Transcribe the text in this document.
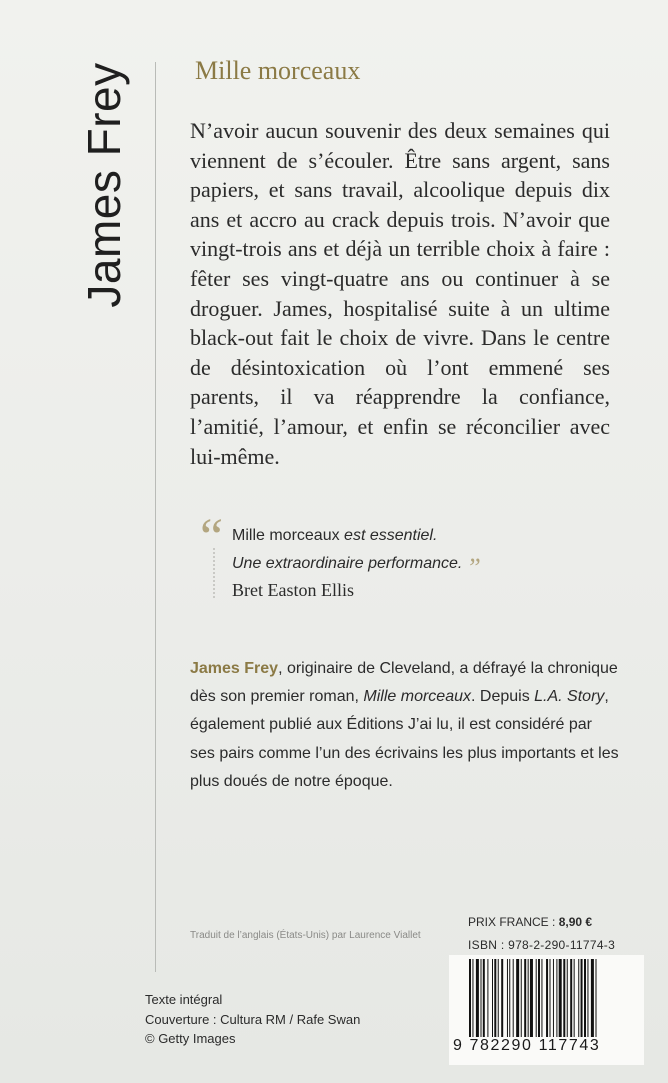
James Frey	Mille morceaux
N’avoir aucun souvenir des deux semaines qui viennent de s’écouler. Être sans argent, sans papiers, et sans travail, alcoolique depuis dix ans et accro au crack depuis trois. N’avoir que vingt-trois ans et déjà un terrible choix à faire : fêter ses vingt-quatre ans ou continuer à se droguer. James, hospitalisé suite à un ultime black-out fait le choix de vivre. Dans le centre de désintoxication où l’ont emmené ses parents, il va réapprendre la confiance, l’amitié, l’amour, et enfin se réconcilier avec lui-même.
“ Mille morceaux est essentiel.
Une extraordinaire performance. ”
Bret Easton Ellis
James Frey, originaire de Cleveland, a défrayé la chronique dès son premier roman, Mille morceaux. Depuis L.A. Story, également publié aux Éditions J’ai lu, il est considéré par ses pairs comme l’un des écrivains les plus importants et les plus doués de notre époque.
Traduit de l’anglais (États-Unis) par Laurence Viallet
PRIX FRANCE : 8,90 €
ISBN : 978-2-290-11774-3
9 782290 117743
Texte intégral
Couverture : Cultura RM / Rafe Swan
© Getty Images
